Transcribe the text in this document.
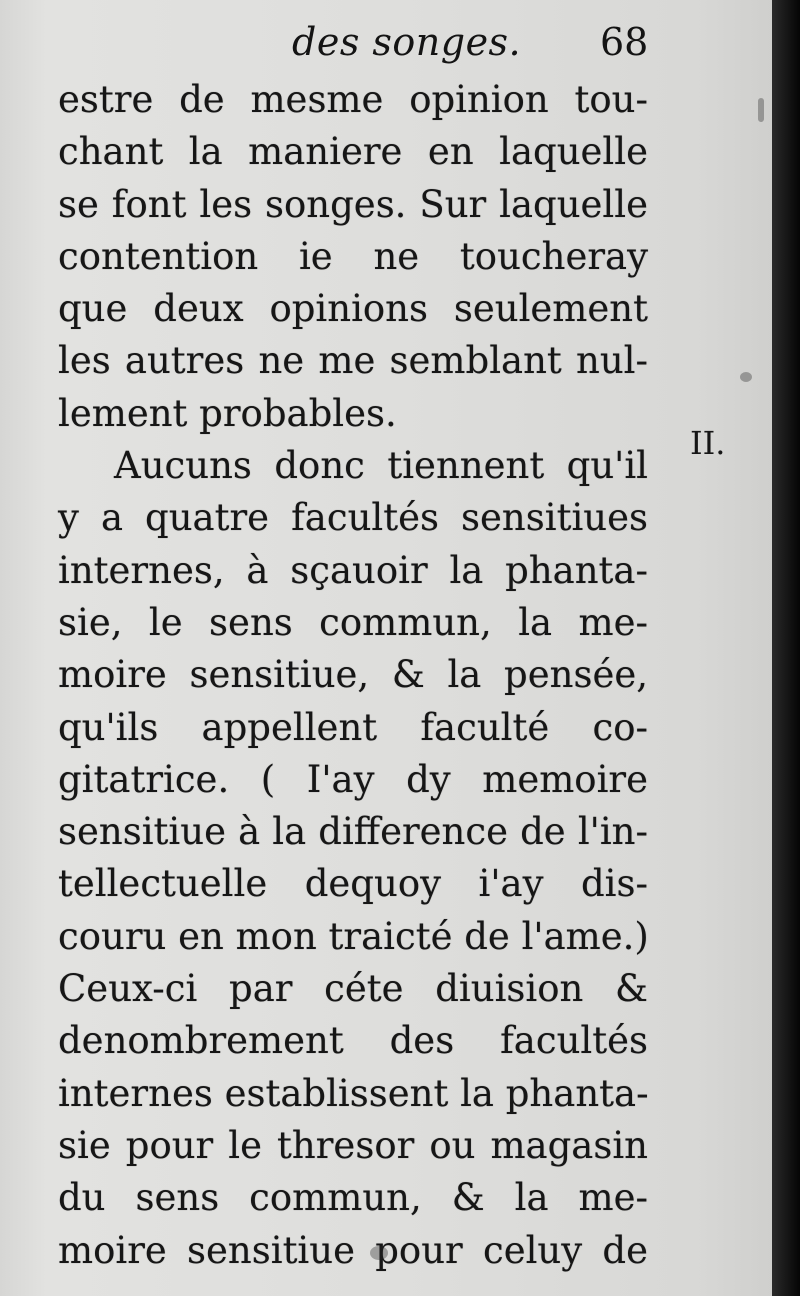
des songes. 68
II.
estre de mesme opinion tou-
chant la maniere en laquelle
se font les songes. Sur laquelle
contention ie ne toucheray
que deux opinions seulement
les autres ne me semblant nul-
lement probables.
Aucuns donc tiennent qu'il
y a quatre facultés sensitiues
internes, à sçauoir la phanta-
sie, le sens commun, la me-
moire sensitiue, & la pensée,
qu'ils appellent faculté co-
gitatrice. ( I'ay dy memoire
sensitiue à la difference de l'in-
tellectuelle dequoy i'ay dis-
couru en mon traicté de l'ame.)
Ceux-ci par céte diuision &
denombrement des facultés
internes establissent la phanta-
sie pour le thresor ou magasin
du sens commun, & la me-
moire sensitiue pour celuy de
